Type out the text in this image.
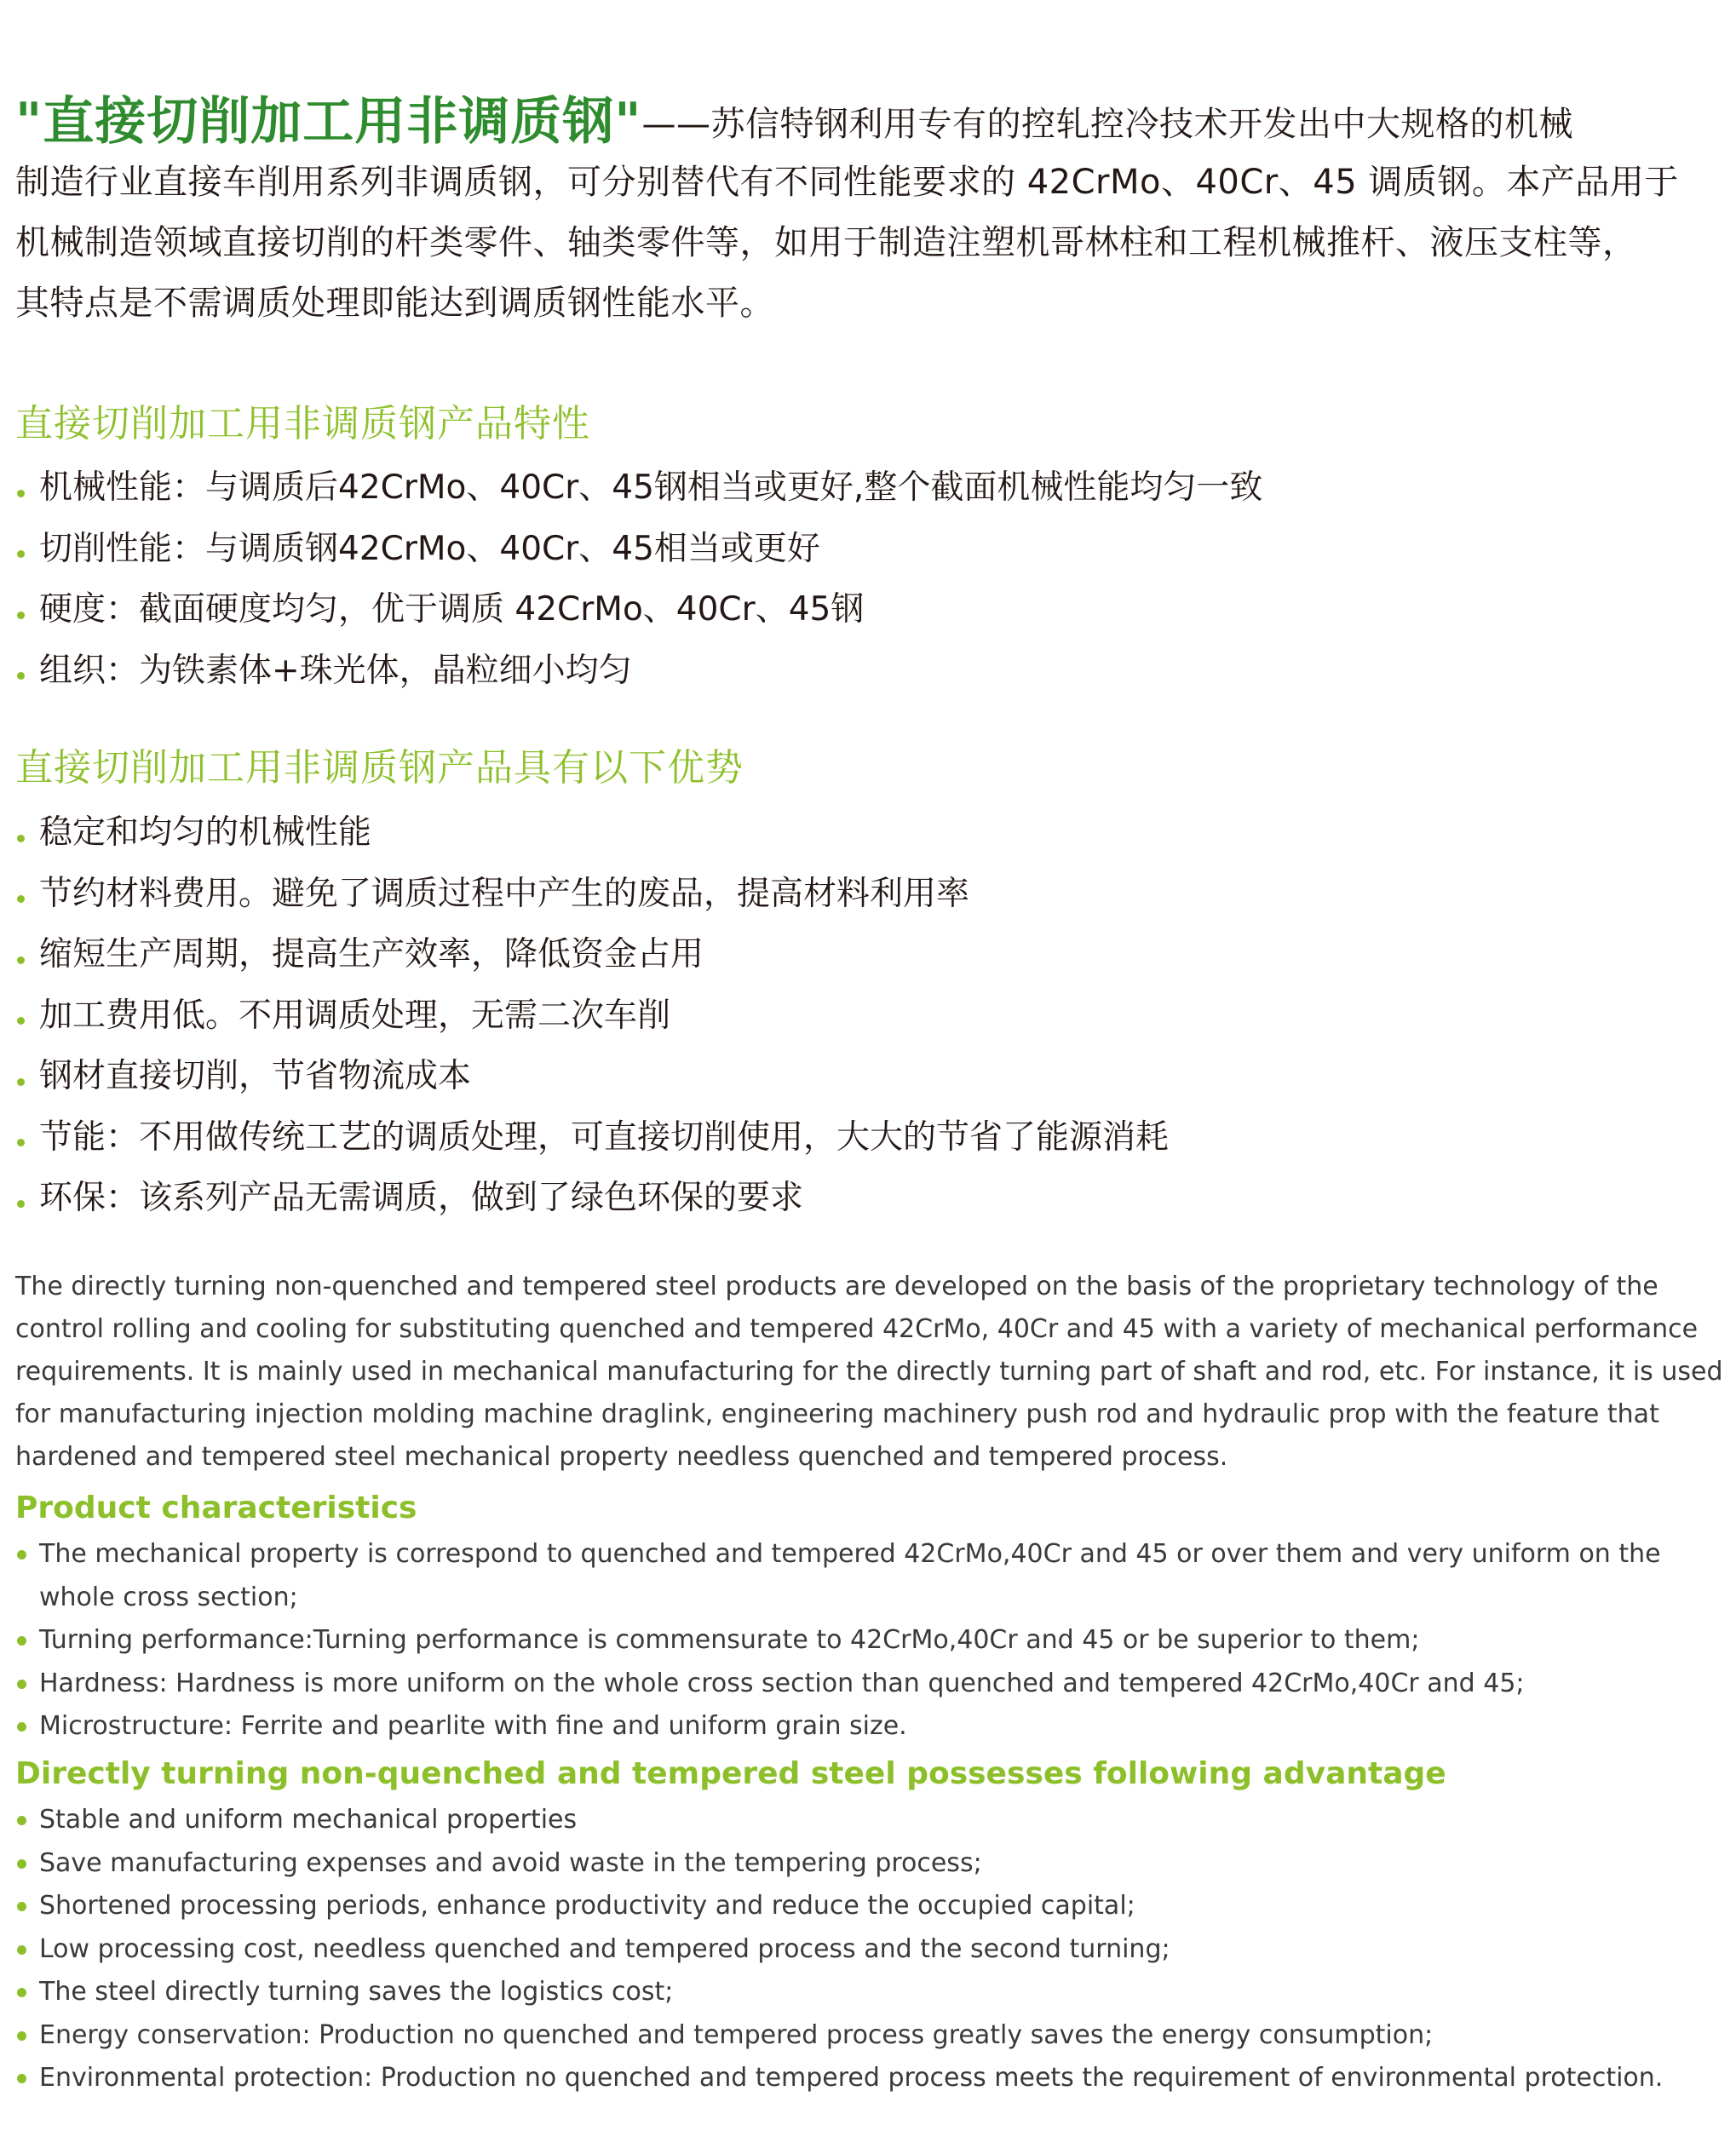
"直接切削加工用非调质钢"——苏信特钢利用专有的控轧控冷技术开发出中大规格的机械
制造行业直接车削用系列非调质钢，可分别替代有不同性能要求的 42CrMo、40Cr、45 调质钢。本产品用于
机械制造领域直接切削的杆类零件、轴类零件等，如用于制造注塑机哥林柱和工程机械推杆、液压支柱等，
其特点是不需调质处理即能达到调质钢性能水平。
直接切削加工用非调质钢产品特性
机械性能：与调质后42CrMo、40Cr、45钢相当或更好,整个截面机械性能均匀一致
切削性能：与调质钢42CrMo、40Cr、45相当或更好
硬度：截面硬度均匀，优于调质 42CrMo、40Cr、45钢
组织：为铁素体+珠光体，晶粒细小均匀
直接切削加工用非调质钢产品具有以下优势
稳定和均匀的机械性能
节约材料费用。避免了调质过程中产生的废品，提高材料利用率
缩短生产周期，提高生产效率，降低资金占用
加工费用低。不用调质处理，无需二次车削
钢材直接切削，节省物流成本
节能：不用做传统工艺的调质处理，可直接切削使用，大大的节省了能源消耗
环保：该系列产品无需调质，做到了绿色环保的要求
The directly turning non-quenched and tempered steel products are developed on the basis of the proprietary technology of the control rolling and cooling for substituting quenched and tempered 42CrMo, 40Cr and 45 with a variety of mechanical performance requirements. It is mainly used in mechanical manufacturing for the directly turning part of shaft and rod, etc. For instance, it is used for manufacturing injection molding machine draglink, engineering machinery push rod and hydraulic prop with the feature that hardened and tempered steel mechanical property needless quenched and tempered process.
Product characteristics
The mechanical property is correspond to quenched and tempered 42CrMo,40Cr and 45 or over them and very uniform on the whole cross section;
Turning performance:Turning performance is commensurate to 42CrMo,40Cr and 45 or be superior to them;
Hardness: Hardness is more uniform on the whole cross section than quenched and tempered 42CrMo,40Cr and 45;
Microstructure: Ferrite and pearlite with fine and uniform grain size.
Directly turning non-quenched and tempered steel possesses following advantage
Stable and uniform mechanical properties
Save manufacturing expenses and avoid waste in the tempering process;
Shortened processing periods, enhance productivity and reduce the occupied capital;
Low processing cost, needless quenched and tempered process and the second turning;
The steel directly turning saves the logistics cost;
Energy conservation: Production no quenched and tempered process greatly saves the energy consumption;
Environmental protection: Production no quenched and tempered process meets the requirement of environmental protection.
